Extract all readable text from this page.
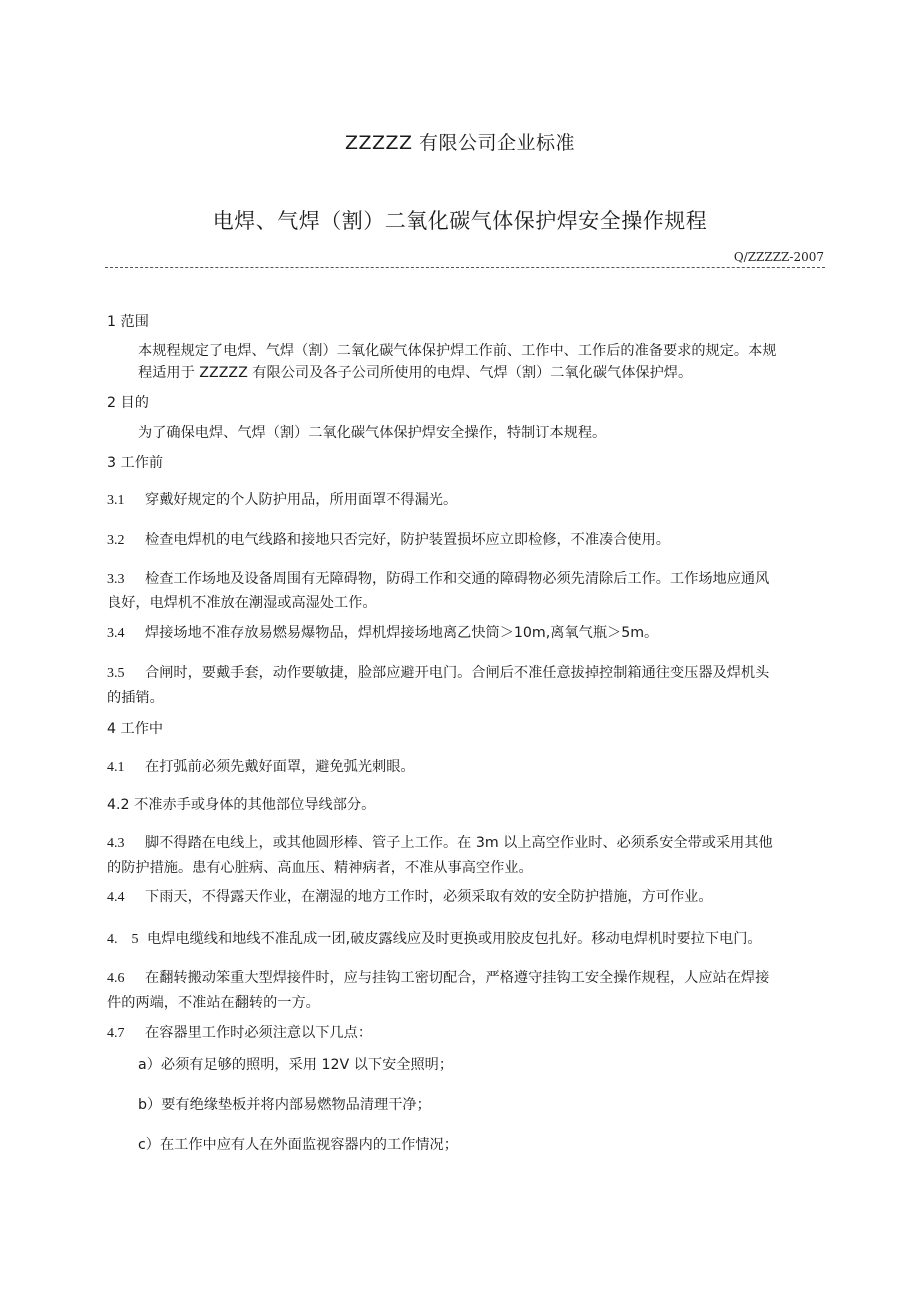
ZZZZZ 有限公司企业标准
电焊、气焊（割）二氧化碳气体保护焊安全操作规程
Q/ZZZZZ-2007
1 范围
本规程规定了电焊、气焊（割）二氧化碳气体保护焊工作前、工作中、工作后的准备要求的规定。本规
程适用于 ZZZZZ 有限公司及各子公司所使用的电焊、气焊（割）二氧化碳气体保护焊。
2 目的
为了确保电焊、气焊（割）二氧化碳气体保护焊安全操作，特制订本规程。
3 工作前
3.1 穿戴好规定的个人防护用品，所用面罩不得漏光。
3.2 检查电焊机的电气线路和接地只否完好，防护装置损坏应立即检修，不准凑合使用。
3.3 检查工作场地及设备周围有无障碍物，防碍工作和交通的障碍物必须先清除后工作。工作场地应通风
良好，电焊机不准放在潮湿或高湿处工作。
3.4 焊接场地不准存放易燃易爆物品，焊机焊接场地离乙快筒＞10m,离氧气瓶＞5m。
3.5 合闸时，要戴手套，动作要敏捷，脸部应避开电门。合闸后不准任意拔掉控制箱通往变压器及焊机头
的插销。
4 工作中
4.1 在打弧前必须先戴好面罩，避免弧光刺眼。
4.2 不准赤手或身体的其他部位导线部分。
4.3 脚不得踏在电线上，或其他圆形棒、管子上工作。在 3m 以上高空作业时、必须系安全带或采用其他
的防护措施。患有心脏病、高血压、精神病者，不准从事高空作业。
4.4 下雨天，不得露天作业，在潮湿的地方工作时，必须采取有效的安全防护措施，方可作业。
4.　5 电焊电缆线和地线不准乱成一团,破皮露线应及时更换或用胶皮包扎好。移动电焊机时要拉下电门。
4.6 在翻转搬动笨重大型焊接件时，应与挂钩工密切配合，严格遵守挂钩工安全操作规程，人应站在焊接
件的两端，不准站在翻转的一方。
4.7 在容器里工作时必须注意以下几点：
a）必须有足够的照明，采用 12V 以下安全照明；
b）要有绝缘垫板并将内部易燃物品清理干净；
c）在工作中应有人在外面监视容器内的工作情况；
